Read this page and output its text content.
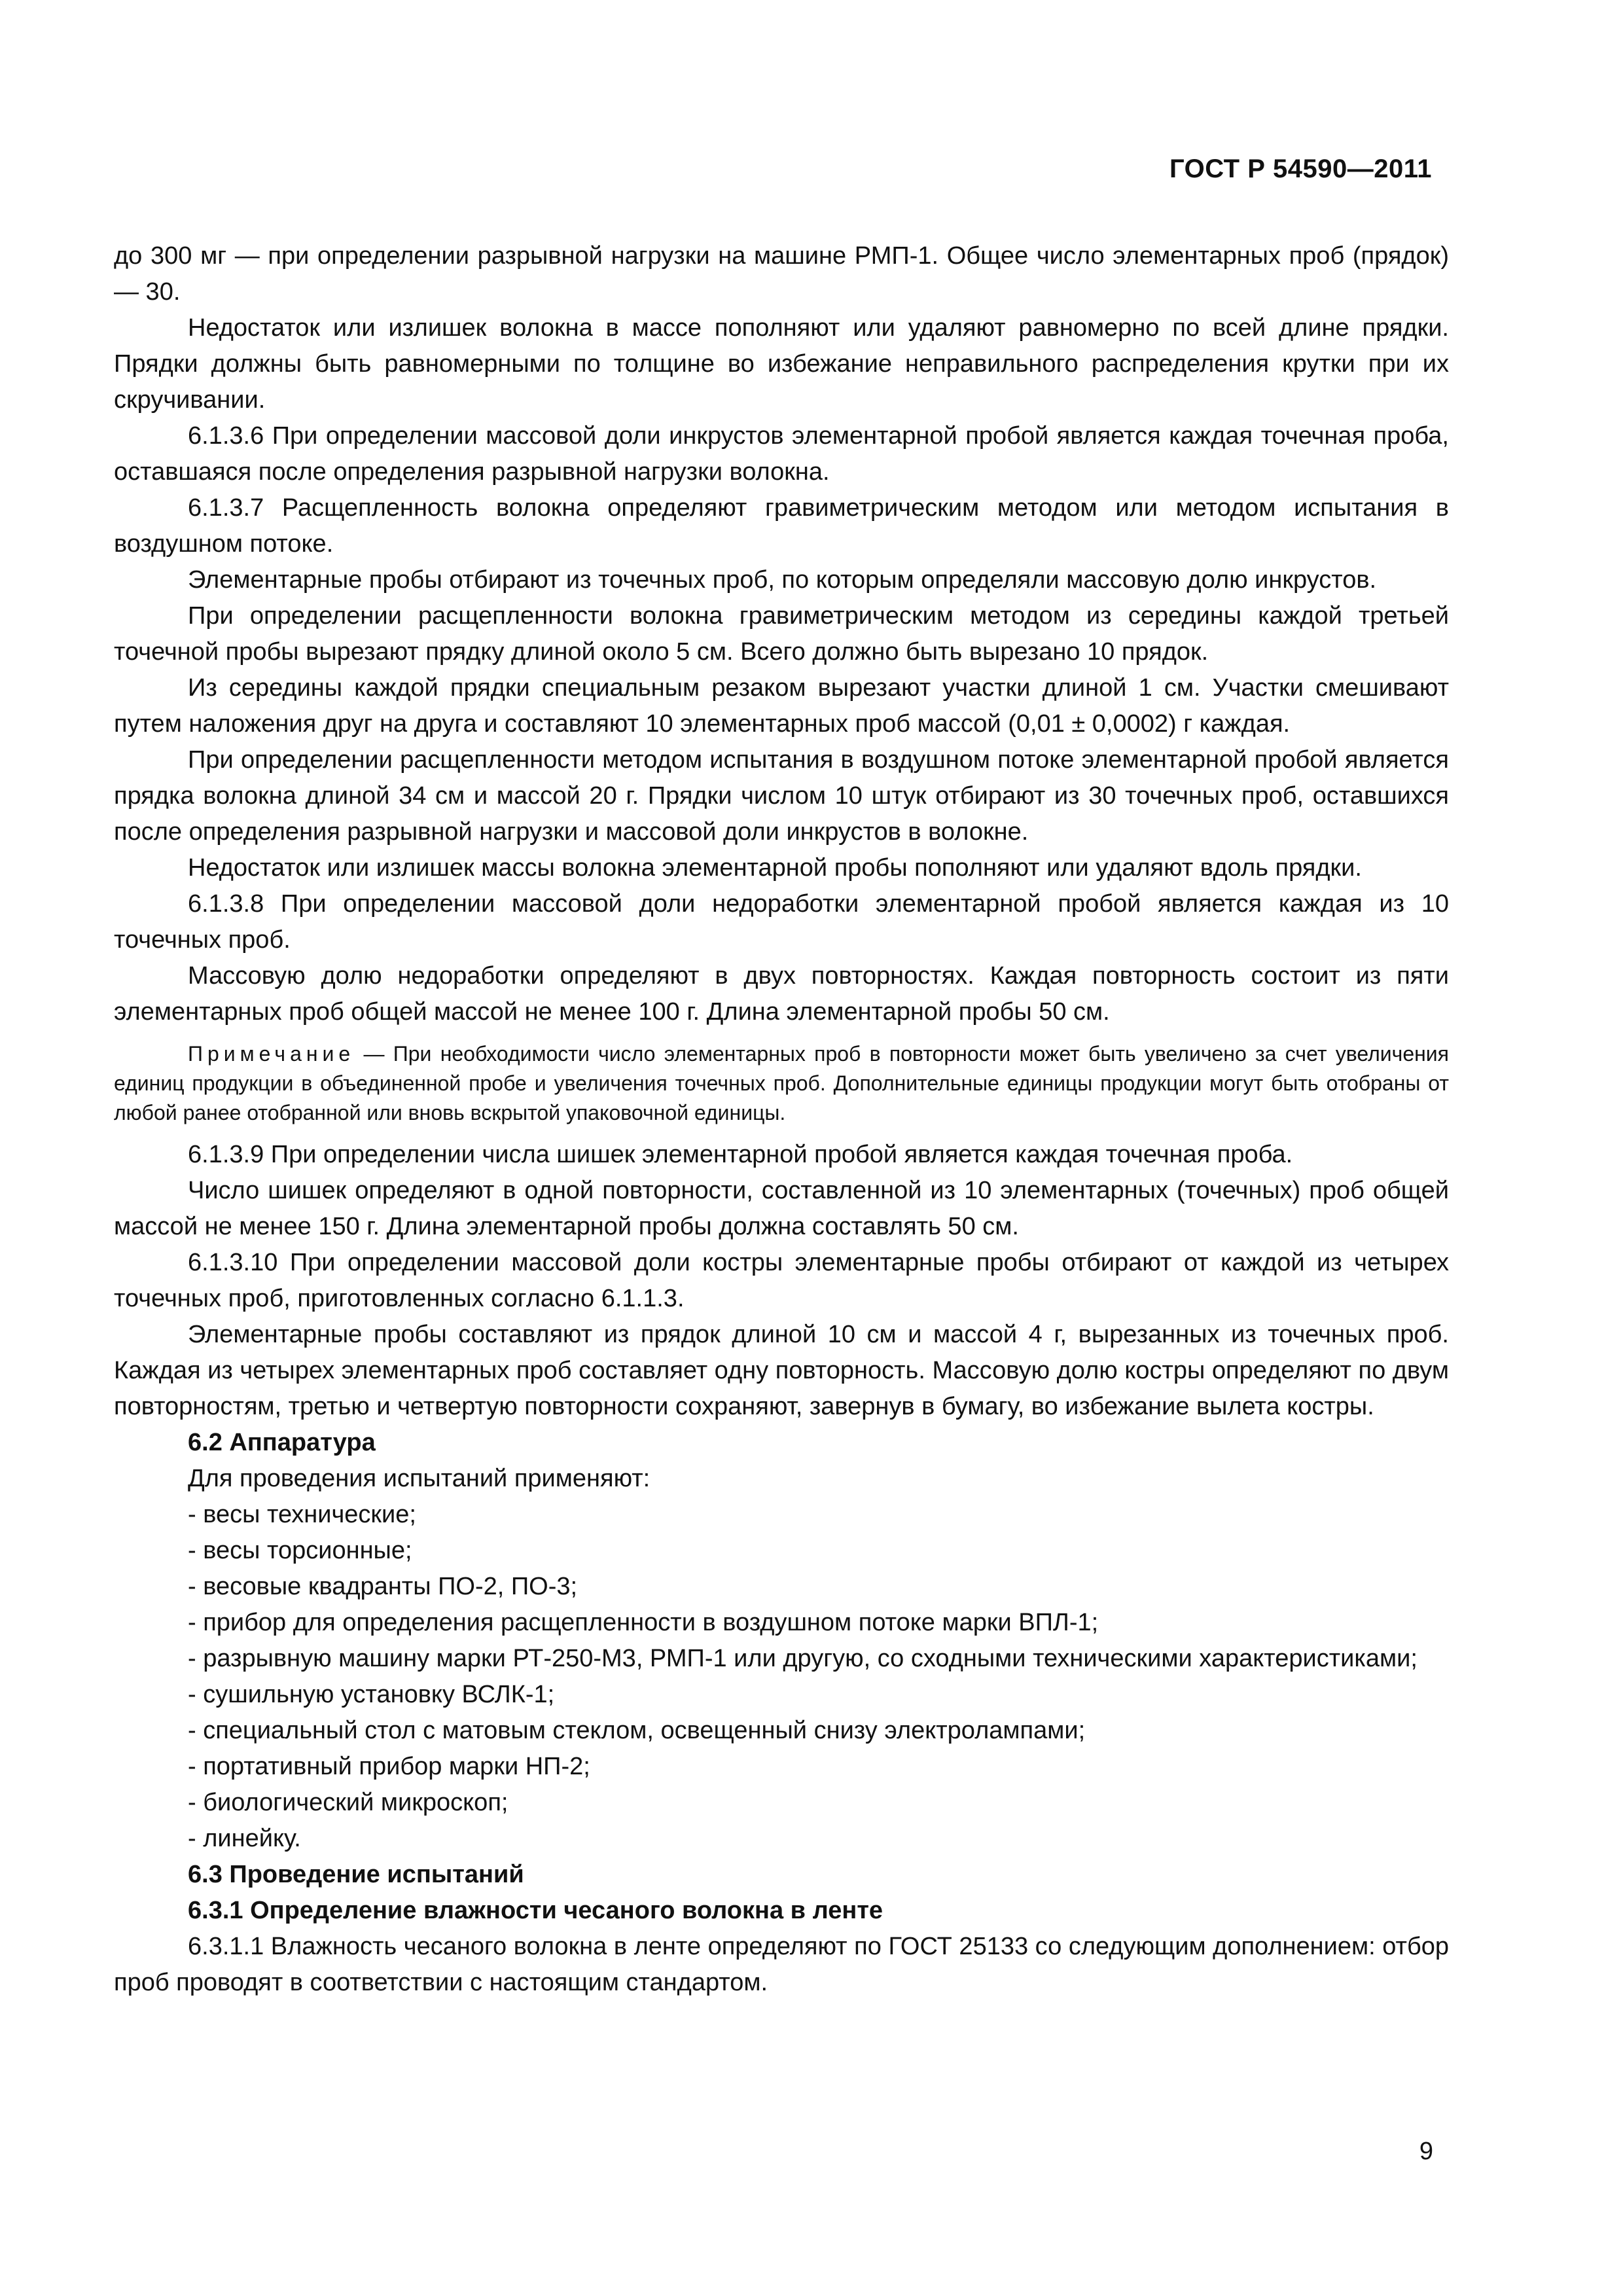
ГОСТ Р 54590—2011

до 300 мг — при определении разрывной нагрузки на машине РМП-1. Общее число элементарных проб (прядок) — 30.

Недостаток или излишек волокна в массе пополняют или удаляют равномерно по всей длине прядки. Прядки должны быть равномерными по толщине во избежание неправильного распределения крутки при их скручивании.

6.1.3.6 При определении массовой доли инкрустов элементарной пробой является каждая точечная проба, оставшаяся после определения разрывной нагрузки волокна.

6.1.3.7 Расщепленность волокна определяют гравиметрическим методом или методом испытания в воздушном потоке.

Элементарные пробы отбирают из точечных проб, по которым определяли массовую долю инкрустов.

При определении расщепленности волокна гравиметрическим методом из середины каждой третьей точечной пробы вырезают прядку длиной около 5 см. Всего должно быть вырезано 10 прядок.

Из середины каждой прядки специальным резаком вырезают участки длиной 1 см. Участки смешивают путем наложения друг на друга и составляют 10 элементарных проб массой (0,01 ± 0,0002) г каждая.

При определении расщепленности методом испытания в воздушном потоке элементарной пробой является прядка волокна длиной 34 см и массой 20 г. Прядки числом 10 штук отбирают из 30 точечных проб, оставшихся после определения разрывной нагрузки и массовой доли инкрустов в волокне.

Недостаток или излишек массы волокна элементарной пробы пополняют или удаляют вдоль прядки.

6.1.3.8 При определении массовой доли недоработки элементарной пробой является каждая из 10 точечных проб.

Массовую долю недоработки определяют в двух повторностях. Каждая повторность состоит из пяти элементарных проб общей массой не менее 100 г. Длина элементарной пробы 50 см.

Примечание — При необходимости число элементарных проб в повторности может быть увеличено за счет увеличения единиц продукции в объединенной пробе и увеличения точечных проб. Дополнительные единицы продукции могут быть отобраны от любой ранее отобранной или вновь вскрытой упаковочной единицы.

6.1.3.9 При определении числа шишек элементарной пробой является каждая точечная проба.

Число шишек определяют в одной повторности, составленной из 10 элементарных (точечных) проб общей массой не менее 150 г. Длина элементарной пробы должна составлять 50 см.

6.1.3.10 При определении массовой доли костры элементарные пробы отбирают от каждой из четырех точечных проб, приготовленных согласно 6.1.1.3.

Элементарные пробы составляют из прядок длиной 10 см и массой 4 г, вырезанных из точечных проб. Каждая из четырех элементарных проб составляет одну повторность. Массовую долю костры определяют по двум повторностям, третью и четвертую повторности сохраняют, завернув в бумагу, во избежание вылета костры.

6.2 Аппаратура

Для проведения испытаний применяют:

- весы технические;
- весы торсионные;
- весовые квадранты ПО-2, ПО-3;
- прибор для определения расщепленности в воздушном потоке марки ВПЛ-1;
- разрывную машину марки РТ-250-М3, РМП-1 или другую, со сходными техническими характеристиками;
- сушильную установку ВСЛК-1;
- специальный стол с матовым стеклом, освещенный снизу электролампами;
- портативный прибор марки НП-2;
- биологический микроскоп;
- линейку.

6.3 Проведение испытаний

6.3.1 Определение влажности чесаного волокна в ленте

6.3.1.1 Влажность чесаного волокна в ленте определяют по ГОСТ 25133 со следующим дополнением: отбор проб проводят в соответствии с настоящим стандартом.

9
